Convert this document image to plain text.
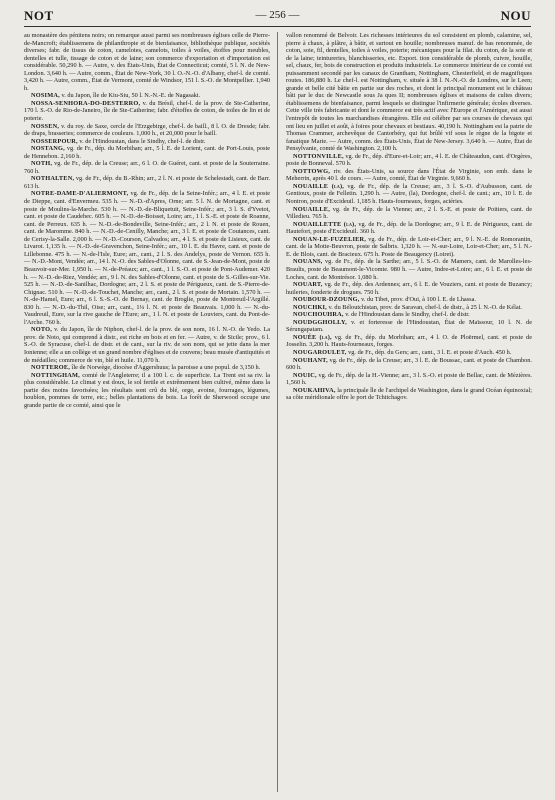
NOT	— 256 —	NOU

au monastère des pénitens noirs; on remarque aussi parmi ses nombreuses églises celle de Pierre-de-Mancroft; établissemens de philanthropie et de bienfaisance, bibliothèque publique, sociétés diverses; fabr. de tissus de coton, camelotes, camelots, toiles à voiles, étoffes pour meubles, dentelles et tulle, tissage de coton et de laine; son commerce d'exportation et d'importation est considérable. 50,290 h. — Autre, v. des États-Unis, État de Connecticut; comté, 5 l. N. de New-London. 3,640 h. — Autre, comm., État de New-York, 30 l. O.-N.-O. d'Albany, chef-l. de comté. 3,420 h. — Autre, comm., État de Vermont, comté de Windsor, 151 l. S.-O. de Montpellier. 1,940 h.

NOSIMA, v. du Japon, île de Kiu-Siu, 50 l. N.-N.-E. de Nagasaki.

NOSSA-SENHORA-DO-DESTERRO, v. du Brésil, chef-l. de la prov. de Ste-Catherine, 170 l. S.-O. de Rio-de-Janeiro, île de Ste-Catherine; fabr. d'étoffes de coton, de toiles de lin et de poterie.

NOSSEN, v. du roy. de Saxe, cercle de l'Erzgebirge, chef-l. de baill., 8 l. O. de Dresde; fabr. de draps, brasseries; commerce de couleurs. 1,000 h., et 20,000 pour le baill.

NOSSERPOUR, v. de l'Hindoustan, dans le Sindhy, chef-l. de distr.

NOSTANG, vg. de Fr., dép. du Morbihan; arr., 5 l. E. de Lorient, cant. de Port-Louis, poste de Hennebon. 2,160 h.

NOTH, vg. de Fr., dép. de la Creuse; arr., 6 l. O. de Guéret, cant. et poste de la Souterraine. 760 h.

NOTHALTEN, vg. de Fr., dép. du B.-Rhin; arr., 2 l. N. et poste de Schelestadt, cant. de Barr. 613 h.

NOTRE-DAME-D'ALIERMONT, vg. de Fr., dép. de la Seine-Infér.; arr., 4 l. E. et poste de Dieppe, cant. d'Envermeu. 535 h. — N.-D.-d'Apres, Orne; arr. 5 l. N. de Mortagne, cant. et poste de Moulins-la-Marche. 530 h. — N.-D.-de-Bliquetuit, Seine-Infér.; arr., 3 l. S. d'Yvetot, cant. et poste de Caudebec. 605 h. — N.-D.-de-Boisset, Loire; arr., 1 l. S.-E. et poste de Roanne, cant. de Perreux. 635 h. — N.-D.-de-Bondeville, Seine-Infér.; arr., 2 l. N. et poste de Rouen, cant. de Maromme. 840 h. — N.-D.-de-Cenilly, Manche; arr., 3 l. E. et poste de Coutances, cant. de Cerisy-la-Salle. 2,000 h. — N.-D.-Courson, Calvados; arr., 4 l. S. et poste de Lisieux, cant. de Livarot. 1,135 h. — N.-D.-de-Gravenchon, Seine-Infér.; arr., 10 l. E. du Havre, cant. et poste de Lillebonne. 475 h. — N.-de-l'Isle, Eure; arr., cant., 2 l. S. des Andelys, poste de Vernon. 655 h. — N.-D.-Mont, Vendée; arr., 14 l. N.-O. des Sables-d'Olonne, cant. de S.-Jean-de-Mont, poste de Beauvoir-sur-Mer. 1,950 h. — N.-de-Préaux; arr., cant., 1 l. S.-O. et poste de Pont-Audemer. 420 h. — N.-D.-de-Riez, Vendée; arr., 9 l. N. des Sables-d'Olonne, cant. et poste de S.-Gilles-sur-Vie. 525 h. — N.-D.-de-Sanilhac, Dordogne; arr., 2 l. S. et poste de Périgueux, cant. de S.-Pierre-de-Chignac. 510 h. — N.-D.-de-Touchet, Manche; arr., cant., 2 l. S. et poste de Mortain. 1,570 h. — N.-de-Hamel, Eure; arr., 6 l. S.-S.-O. de Bernay, cant. de Broglie, poste de Montreuil-l'Argillé. 830 h. — N.-D.-du-Thil, Oise; arr., cant., 1¼ l. N. et poste de Beauvais. 1,000 h. — N.-du-Vaudreuil, Eure, sur la rive gauche de l'Eure; arr., 1 l. N. et poste de Louviers, cant. du Pont-de-l'Arche. 760 h.

NOTO, v. du Japon, île de Niphon, chef-l. de la prov. de son nom, 16 l. N.-O. de Yedo. La prov. de Noto, qui comprend à distr., est riche en bois et en fer. — Autre, v. de Sicile; prov., 6 l. S.-O. de Syracuse, chef-l. de distr. et de cant., sur la riv. de son nom, qui se jette dans la mer Ionienne; elle a un collège et un grand nombre d'églises et de couvens; beau musée d'antiquités et de médailles; commerce de vin, blé et huile. 11,070 h.

NOTTEROE, île de Norwège, diocèse d'Aggershuus; la paroisse a une popul. de 3,150 h.

NOTTINGHAM, comté de l'Angleterre; il a 100 l. c. de superficie. La Trent est sa riv. la plus considérable. Le climat y est doux, le sol fertile et extrêmement bien cultivé, même dans la partie des moins favorisées; les résultats sont crû du blé, orge, avoine, fourrages, légumes, houblon, pommes de terre, etc.; belles plantations de bois. La forêt de Sherwood occupe une grande partie de ce comté, ainsi que le

vallon renommé de Belvoir. Les richesses intérieures du sol consistent en plomb, calamine, sel, pierre à chaux, à plâtre, à bâtir, et surtout en houille; nombreuses manuf. de bas renommée, de coton, soie, fil, dentelles, toiles à voiles, poterie; mécaniques pour la filat. du coton, de la soie et de la laine; teintureries, blanchisseries, etc. Export. tion considérable de plomb, cuivre, houille, sel, chaux, fer, bois de construction et produits industriels. Le commerce intérieur de ce comté est puissamment secondé par les canaux de Grantham, Nottingham, Chesterfield, et de magnifiques routes. 186,880 h. Le chef-l. est Nottingham, v. située à 38 l. N.-N.-O. de Londres, sur le Leen; grande et belle cité bâtie en partie sur des roches, et dont le principal monument est le château bâti par le duc de Newcastle sous Ja ques II; nombreuses églises et maisons de cultes divers; établissemens de bienfaisance, parmi lesquels se distingue l'infirmerie générale; écoles diverses. Cette ville très fabricante et dont le commerce est très actif avec l'Europe et l'Amérique, est aussi l'entrepôt de toutes les marchandises étrangères. Elle est célèbre par ses courses de chevaux qui ont lieu en juillet et août, à foires pour chevaux et bestiaux. 40,190 h. Nottingham est la patrie de Thomas Crammer, archevêque de Cantorbéry, qui fut brûlé vif sous le règne de la bigote et fanatique Marie. — Autre, comm. des États-Unis, État de New-Jersey. 3,640 h. — Autre, État de Pensylvanie, comté de Washington. 2,100 h.

NOTTONVILLE, vg. de Fr., dép. d'Eure-et-Loir; arr., 4 l. E. de Châteaudun, cant. d'Orgères, poste de Bonneval. 570 h.

NOTTOWG, riv. des États-Unis, sa source dans l'État de Virginie, son emb. dans le Meherrin, après 40 l. de cours. — Autre, comté, État de Virginie. 9,660 h.

NOUAILLE (la), vg. de Fr., dép. de la Creuse; arr., 3 l. S.-O. d'Aubusson, cant. de Gentioux, poste de Felletin. 1,290 h. — Autre, (la), Dordogne, chef-l. de cant.; arr., 10 l. E. de Nontron, poste d'Excideuil. 1,185 h. Hauts-fourneaux, forges, aciéries.

NOUAILLE, vg. de Fr., dép. de la Vienne; arr., 2 l. S.-E. et poste de Poitiers, cant. de Villedieu. 765 h.

NOUAILLETTE (la), vg. de Fr., dép. de la Dordogne; arr., 9 l. E. de Périgueux, cant. de Hautefort, poste d'Excideuil. 360 h.

NOUAN-LE-FUZELIER, vg. de Fr., dép. de Loir-et-Cher; arr., 9 l. N.-E. de Romorantin, cant. de la Motte-Beuvron, poste de Salbris. 1,320 h. — N.-sur-Loire, Loir-et-Cher; arr., 5 l. N.-E. de Blois, cant. de Bracieux. 675 h. Poste de Beaugency (Loiret).

NOUANS, vg. de Fr., dép. de la Sarthe; arr., 5 l. S.-O. de Mamers, cant. de Marolles-les-Braults, poste de Beaumont-le-Vicomte. 980 h. — Autre, Indre-et-Loire; arr., 6 l. E. et poste de Loches, cant. de Montrésor. 1,080 h.

NOUART, vg. de Fr., dép. des Ardennes; arr., 6 l. E. de Vouziers, cant. et poste de Buzancy; huileries, fonderie de drogues. 750 h.

NOUBOUR-DZOUNG, v. du Tibet, prov. d'Oui, à 100 l. E. de Lhassa.

NOUCHKI, v. du Béloutchistan, prov. de Saravan, chef-l. de distr., à 25 l. N.-O. de Kélat.

NOUCHOUHRA, v. de l'Hindoustan dans le Sindhy, chef-l. de distr.

NOUDGGHOLLY, v. et forteresse de l'Hindoustan, État de Maïssour, 10 l. N. de Sérungapatam.

NOUÉE (la), vg. de Fr., dép. du Morbihan; arr., 4 l. O. de Ploërmel, cant. et poste de Josselin. 3,200 h. Hauts-fourneaux, forges.

NOUGAROULET, vg. de Fr., dép. du Gers; arr., cant., 3 l. E. et poste d'Auch. 450 h.

NOUHANT, vg. de Fr., dép. de la Creuse; arr., 3 l. E. de Boussac, cant. et poste de Chambon. 600 h.

NOUIC, vg. de Fr., dép. de la H.-Vienne; arr., 3 l. S.-O. et poste de Bellac, cant. de Mézières. 1,560 h.

NOUKAHIVA, la principale île de l'archipel de Washington, dans le grand Océan équinoxial; sa côte méridionale offre le port de Tchitchagov.
